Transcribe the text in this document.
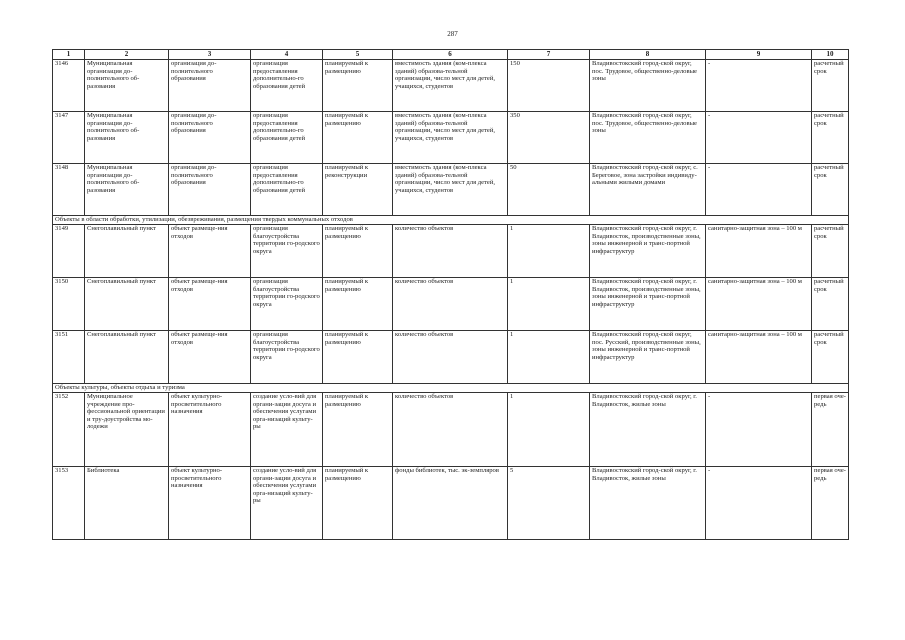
287
1	2	3	4	5	6	7	8	9	10
3146	Муниципальная организация до-полнительного об-разования	организация до-полнительного образования	организация предоставления дополнительно-го образования детей	планируемый к размещению	вместимость здания (ком-плекса зданий) образова-тельной организации, число мест для детей, учащихся, студентов	150	Владивостокский город-ской округ, пос. Трудовое, общественно-деловые зоны	-	расчетный срок
3147	Муниципальная организация до-полнительного об-разования	организация до-полнительного образования	организация предоставления дополнительно-го образования детей	планируемый к размещению	вместимость здания (ком-плекса зданий) образова-тельной организации, число мест для детей, учащихся, студентов	350	Владивостокский город-ской округ, пос. Трудовое, общественно-деловые зоны	-	расчетный срок
3148	Муниципальная организация до-полнительного об-разования	организация до-полнительного образования	организация предоставления дополнительно-го образования детей	планируемый к реконструкции	вместимость здания (ком-плекса зданий) образова-тельной организации, число мест для детей, учащихся, студентов	50	Владивостокский город-ской округ, с. Береговое, зона застройки индивиду-альными жилыми домами	-	расчетный срок
Объекты в области обработки, утилизации, обезвреживания, размещения твердых коммунальных отходов									
3149	Снегоплавильный пункт	объект размеще-ния отходов	организация благоустройства территории го-родского округа	планируемый к размещению	количество объектов	1	Владивостокский город-ской округ, г. Владивосток, производственные зоны, зоны инженерной и транс-портной инфраструктур	санитарно-защитная зона – 100 м	расчетный срок
3150	Снегоплавильный пункт	объект размеще-ния отходов	организация благоустройства территории го-родского округа	планируемый к размещению	количество объектов	1	Владивостокский город-ской округ, г. Владивосток, производственные зоны, зоны инженерной и транс-портной инфраструктур	санитарно-защитная зона – 100 м	расчетный срок
3151	Снегоплавильный пункт	объект размеще-ния отходов	организация благоустройства территории го-родского округа	планируемый к размещению	количество объектов	1	Владивостокский город-ской округ, пос. Русский, производственные зоны, зоны инженерной и транс-портной инфраструктур	санитарно-защитная зона – 100 м	расчетный срок
Объекты культуры, объекты отдыха и туризма									
3152	Муниципальное учреждение про-фессиональной ориентации и тру-доустройства мо-лодежи	объект культурно-просветительного назначения	создание усло-вий для органи-зации досуга и обеспечения услугами орга-низаций культу-ры	планируемый к размещению	количество объектов	1	Владивостокский город-ской округ, г. Владивосток, жилые зоны	-	первая оче-редь
3153	Библиотека	объект культурно-просветительного назначения	создание усло-вий для органи-зации досуга и обеспечения услугами орга-низаций культу-ры	планируемый к размещению	фонды библиотек, тыс. эк-земпляров	5	Владивостокский город-ской округ, г. Владивосток, жилые зоны	-	первая оче-редь
